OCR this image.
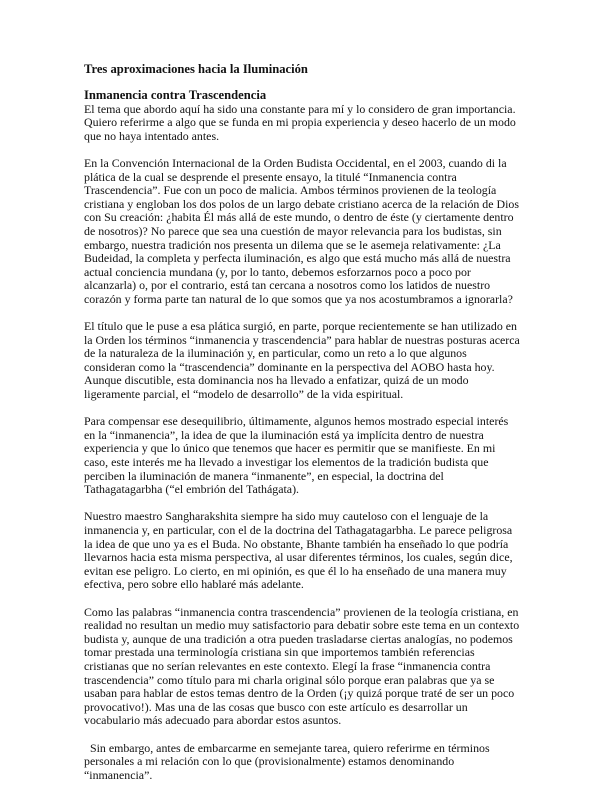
Tres aproximaciones hacia la Iluminación

Inmanencia contra Trascendencia

El tema que abordo aquí ha sido una constante para mí y lo considero de gran importancia. Quiero referirme a algo que se funda en mi propia experiencia y deseo hacerlo de un modo que no haya intentado antes.

En la Convención Internacional de la Orden Budista Occidental, en el 2003, cuando di la plática de la cual se desprende el presente ensayo, la titulé “Inmanencia contra Trascendencia”. Fue con un poco de malicia. Ambos términos provienen de la teología cristiana y engloban los dos polos de un largo debate cristiano acerca de la relación de Dios con Su creación: ¿habita Él más allá de este mundo, o dentro de éste (y ciertamente dentro de nosotros)? No parece que sea una cuestión de mayor relevancia para los budistas, sin embargo, nuestra tradición nos presenta un dilema que se le asemeja relativamente: ¿La Budeidad, la completa y perfecta iluminación, es algo que está mucho más allá de nuestra actual conciencia mundana (y, por lo tanto, debemos esforzarnos poco a poco por alcanzarla) o, por el contrario, está tan cercana a nosotros como los latidos de nuestro corazón y forma parte tan natural de lo que somos que ya nos acostumbramos a ignorarla?

El título que le puse a esa plática surgió, en parte, porque recientemente se han utilizado en la Orden los términos “inmanencia y trascendencia” para hablar de nuestras posturas acerca de la naturaleza de la iluminación y, en particular, como un reto a lo que algunos consideran como la “trascendencia” dominante en la perspectiva del AOBO hasta hoy. Aunque discutible, esta dominancia nos ha llevado a enfatizar, quizá de un modo ligeramente parcial, el “modelo de desarrollo” de la vida espiritual.

Para compensar ese desequilibrio, últimamente, algunos hemos mostrado especial interés en la “inmanencia”, la idea de que la iluminación está ya implícita dentro de nuestra experiencia y que lo único que tenemos que hacer es permitir que se manifieste. En mi caso, este interés me ha llevado a investigar los elementos de la tradición budista que perciben la iluminación de manera “inmanente”, en especial, la doctrina del Tathagatagarbha (“el embrión del Tathágata).

Nuestro maestro Sangharakshita siempre ha sido muy cauteloso con el lenguaje de la inmanencia y, en particular, con el de la doctrina del Tathagatagarbha. Le parece peligrosa la idea de que uno ya es el Buda. No obstante, Bhante también ha enseñado lo que podría llevarnos hacia esta misma perspectiva, al usar diferentes términos, los cuales, según dice, evitan ese peligro. Lo cierto, en mi opinión, es que él lo ha enseñado de una manera muy efectiva, pero sobre ello hablaré más adelante.

Como las palabras “inmanencia contra trascendencia” provienen de la teología cristiana, en realidad no resultan un medio muy satisfactorio para debatir sobre este tema en un contexto budista y, aunque de una tradición a otra pueden trasladarse ciertas analogías, no podemos tomar prestada una terminología cristiana sin que importemos también referencias cristianas que no serían relevantes en este contexto. Elegí la frase “inmanencia contra trascendencia” como título para mi charla original sólo porque eran palabras que ya se usaban para hablar de estos temas dentro de la Orden (¡y quizá porque traté de ser un poco provocativo!). Mas una de las cosas que busco con este artículo es desarrollar un vocabulario más adecuado para abordar estos asuntos.

Sin embargo, antes de embarcarme en semejante tarea, quiero referirme en términos personales a mi relación con lo que (provisionalmente) estamos denominando “inmanencia”.
